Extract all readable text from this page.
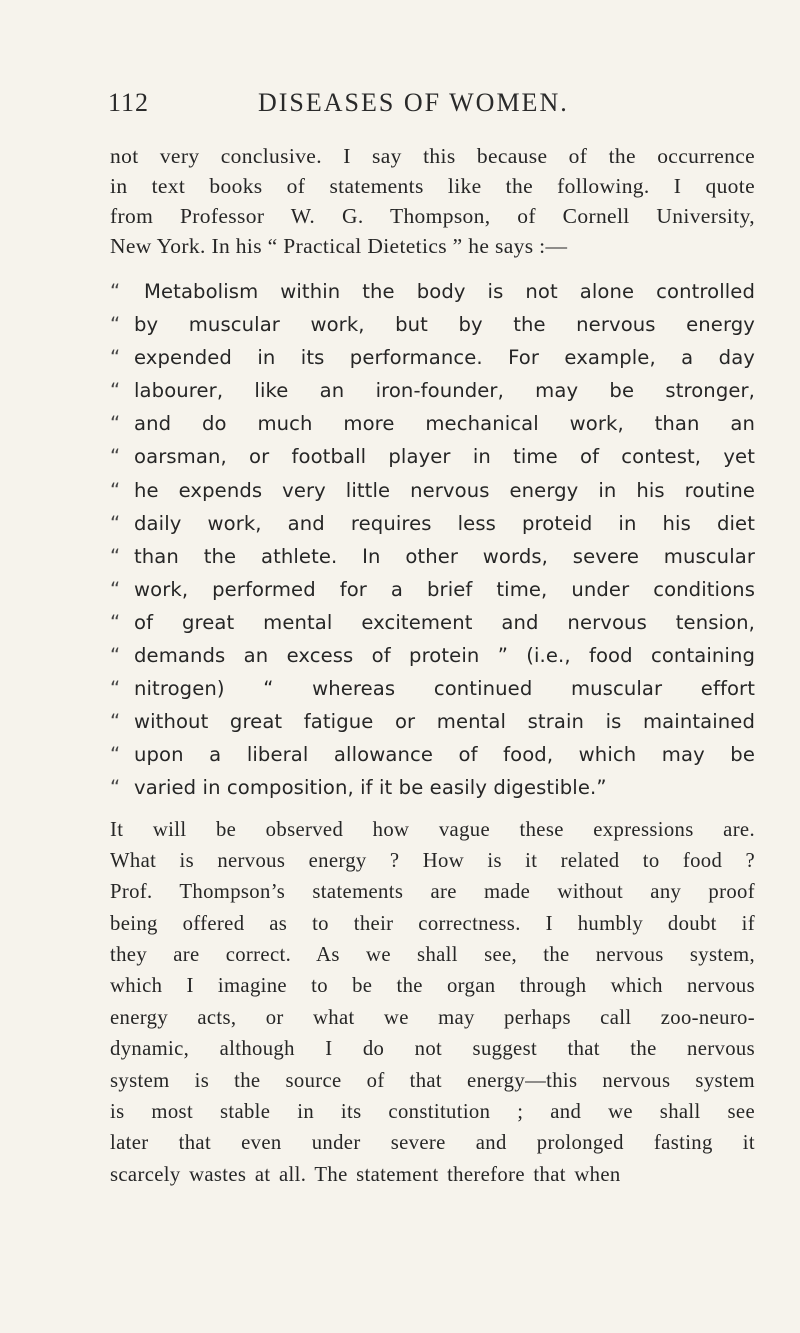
112	DISEASES OF WOMEN.
not very conclusive. I say this because of the occurrence
in text books of statements like the following. I quote
from Professor W. G. Thompson, of Cornell University,
New York. In his “ Practical Dietetics ” he says :—
“	Metabolism within the body is not alone controlled
“ by muscular work, but by the nervous energy
“ expended in its performance. For example, a day
“ labourer, like an iron-founder, may be stronger,
“ and do much more mechanical work, than an
“ oarsman, or football player in time of contest, yet
“ he expends very little nervous energy in his routine
“ daily work, and requires less proteid in his diet
“ than the athlete. In other words, severe muscular
“ work, performed for a brief time, under conditions
“ of great mental excitement and nervous tension,
“ demands an excess of protein ” (i.e., food containing
“ nitrogen) “ whereas continued muscular effort
“ without great fatigue or mental strain is maintained
“ upon a liberal allowance of food, which may be
“ varied in composition, if it be easily digestible.”
It will be observed how vague these expressions are.
What is nervous energy ? How is it related to food ?
Prof. Thompson’s statements are made without any proof
being offered as to their correctness. I humbly doubt if
they are correct. As we shall see, the nervous system,
which I imagine to be the organ through which nervous
energy acts, or what we may perhaps call zoo-neuro-
dynamic, although I do not suggest that the nervous
system is the source of that energy—this nervous system
is most stable in its constitution ; and we shall see
later that even under severe and prolonged fasting it
scarcely wastes at all. The statement therefore that when
